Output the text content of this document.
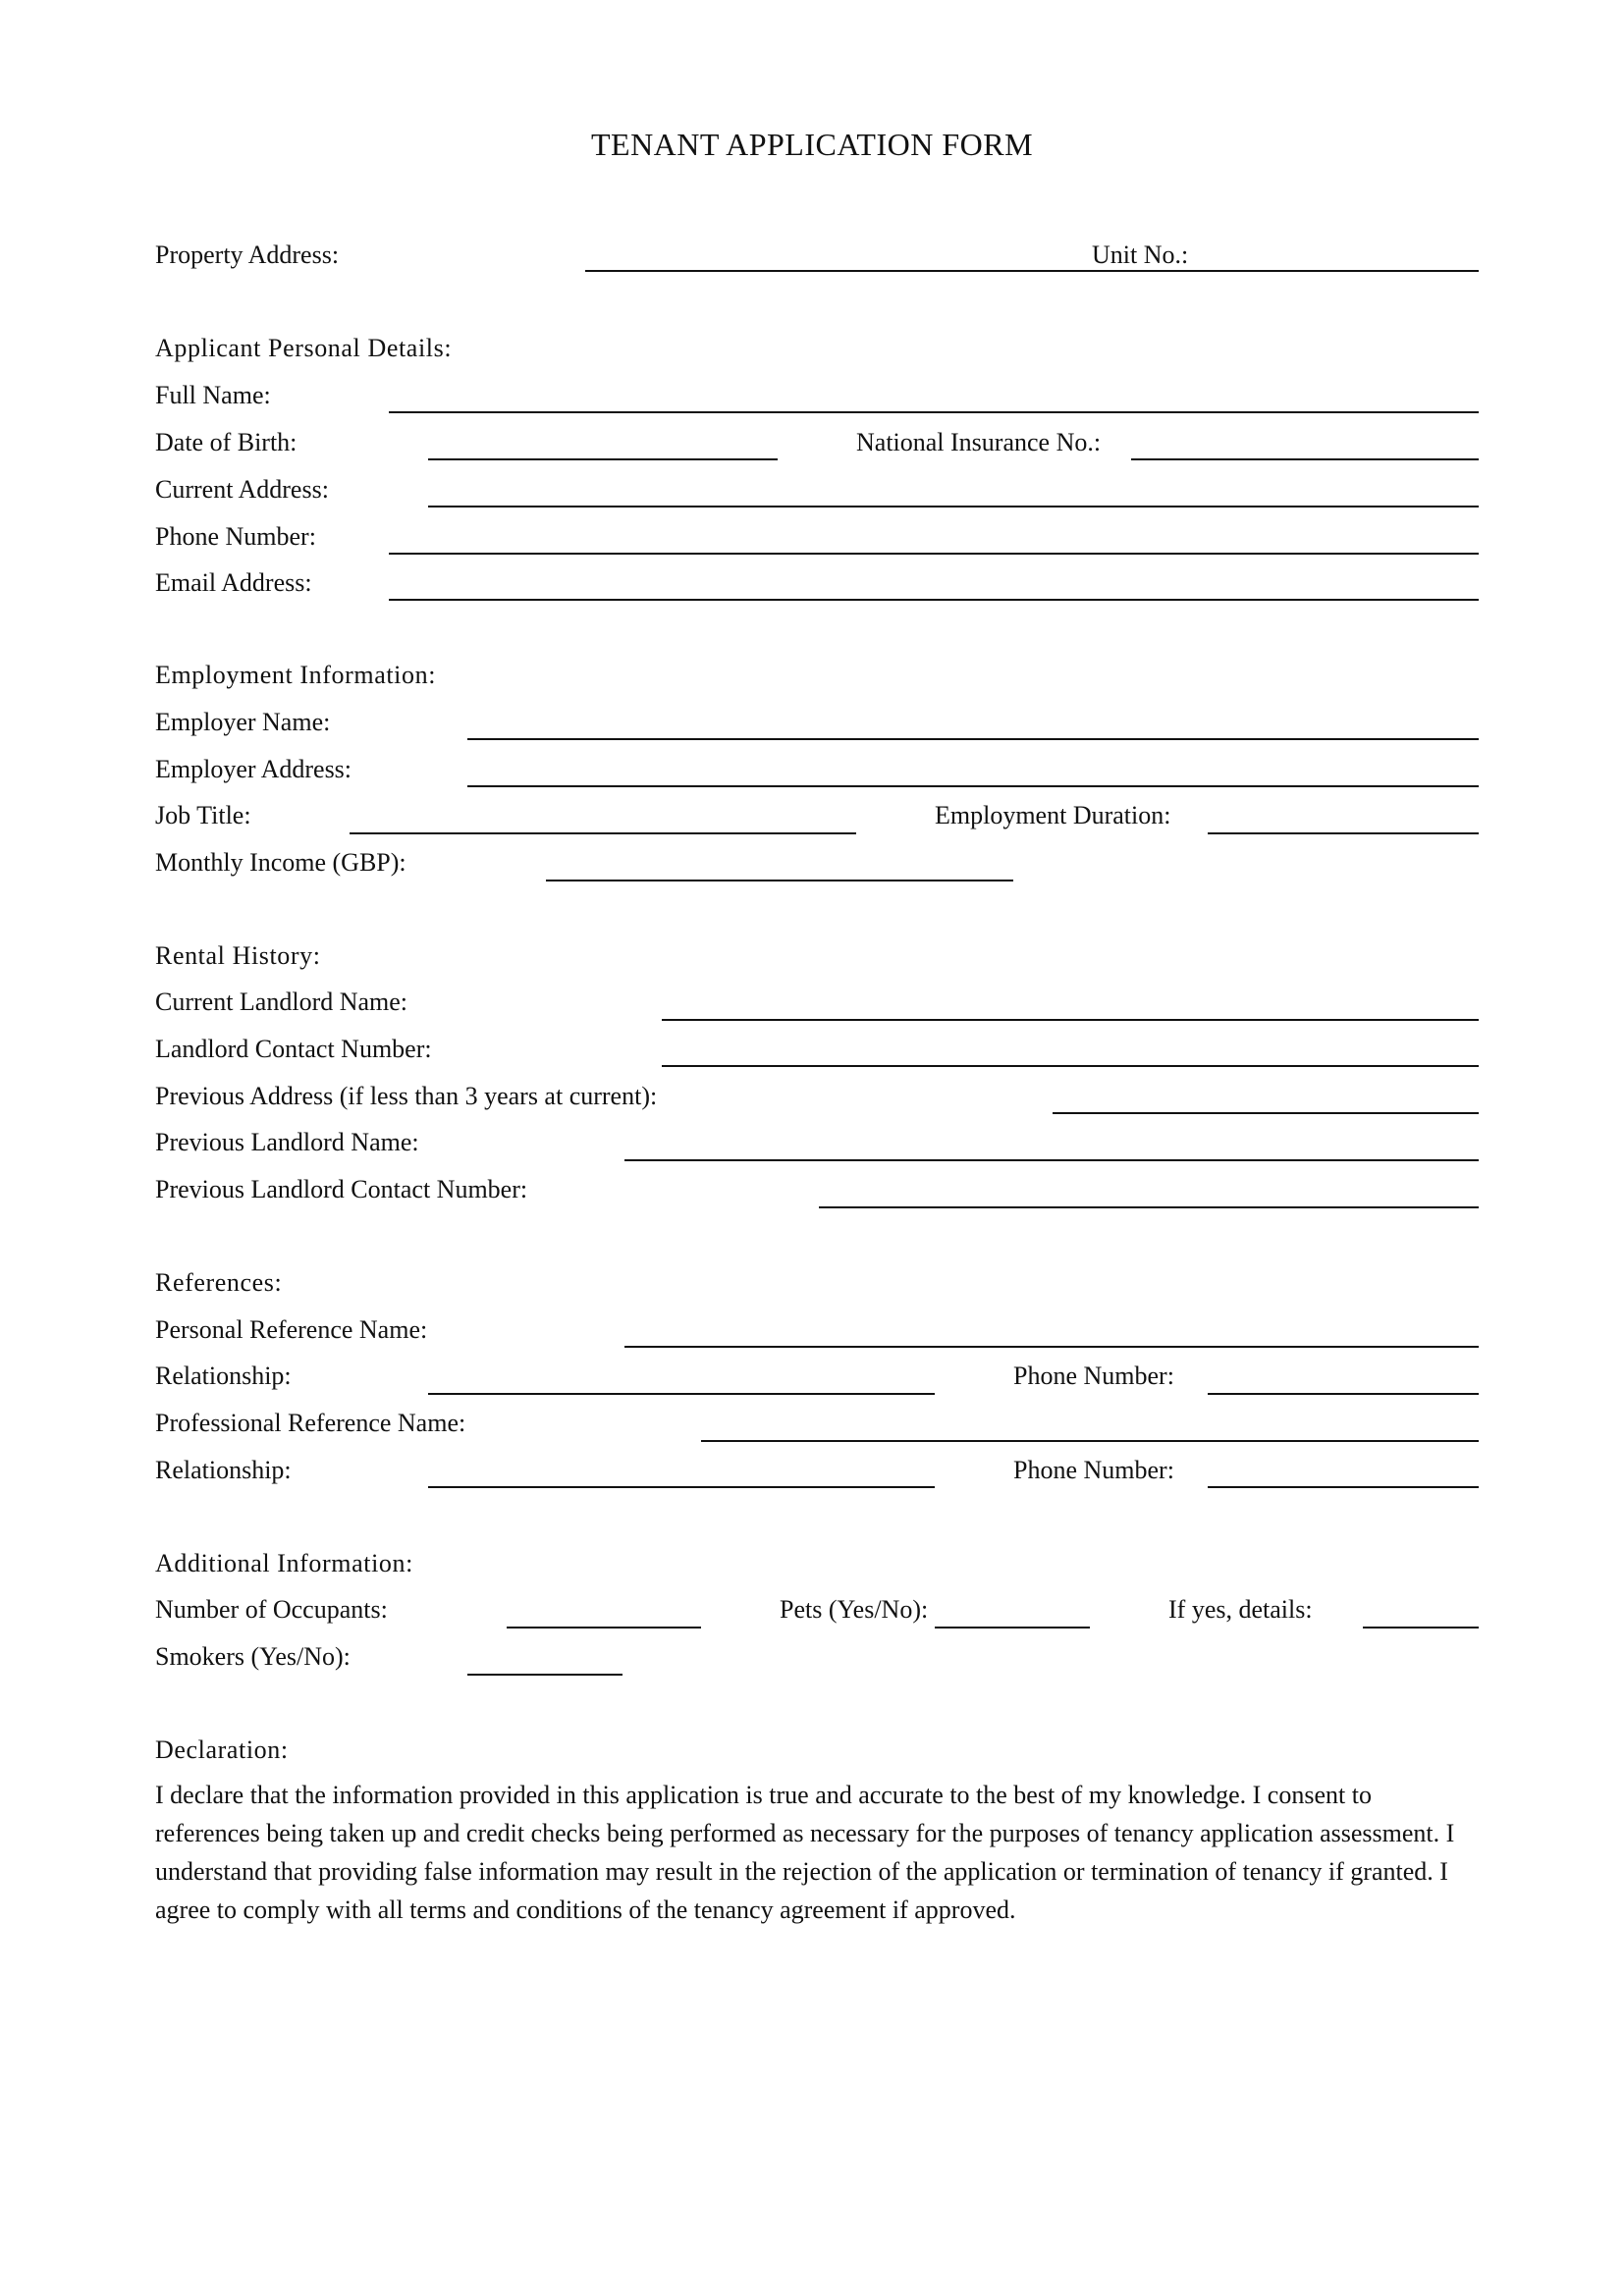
TENANT APPLICATION FORM
Property Address:	Unit No.:
Applicant Personal Details:
Full Name:
Date of Birth:	National Insurance No.:
Current Address:
Phone Number:
Email Address:
Employment Information:
Employer Name:
Employer Address:
Job Title:	Employment Duration:
Monthly Income (GBP):
Rental History:
Current Landlord Name:
Landlord Contact Number:
Previous Address (if less than 3 years at current):
Previous Landlord Name:
Previous Landlord Contact Number:
References:
Personal Reference Name:
Relationship:	Phone Number:
Professional Reference Name:
Relationship:	Phone Number:
Additional Information:
Number of Occupants:	Pets (Yes/No):	If yes, details:
Smokers (Yes/No):
Declaration:
I declare that the information provided in this application is true and accurate to the best of my knowledge. I consent to references being taken up and credit checks being performed as necessary for the purposes of tenancy application assessment. I understand that providing false information may result in the rejection of the application or termination of tenancy if granted. I agree to comply with all terms and conditions of the tenancy agreement if approved.
